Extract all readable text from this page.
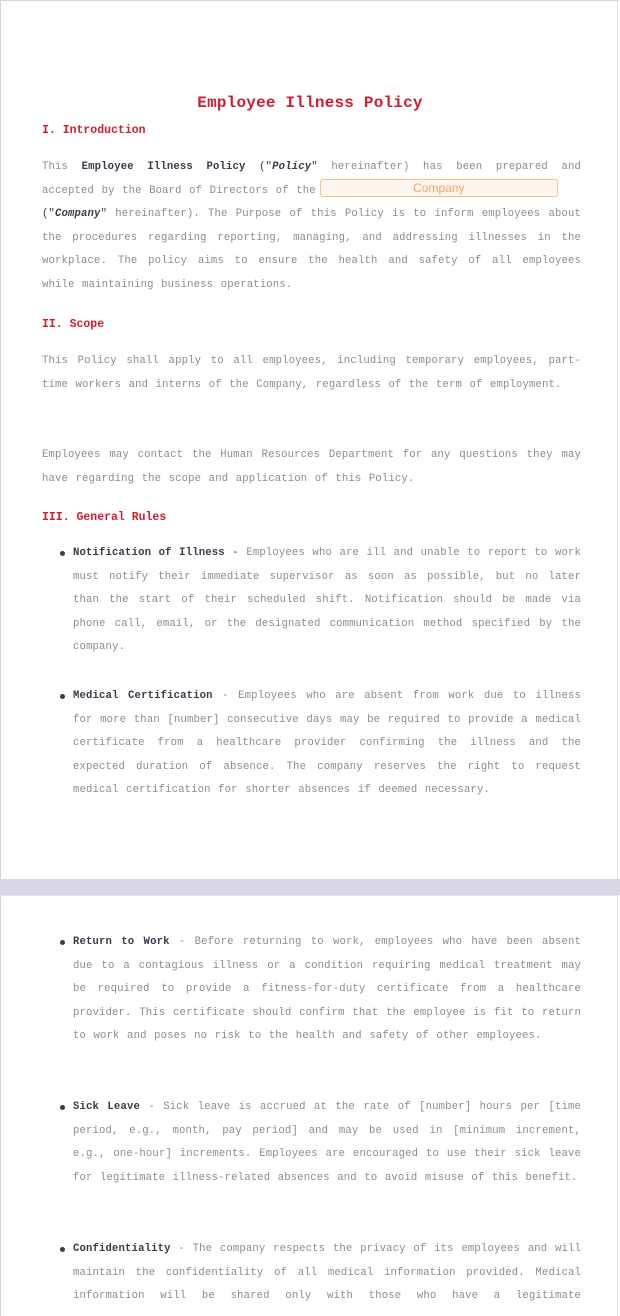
Employee Illness Policy
I. Introduction

This Employee Illness Policy ("Policy" hereinafter) has been prepared and accepted by the Board of Directors of theCompany

("Company" hereinafter). The Purpose of this Policy is to inform employees about the procedures regarding reporting, managing, and addressing illnesses in the workplace. The policy aims to ensure the health and safety of all employees while maintaining business operations.

II. Scope

This Policy shall apply to all employees, including temporary employees, part-time workers and interns of the Company, regardless of the term of employment.

Employees may contact the Human Resources Department for any questions they may have regarding the scope and application of this Policy.

III. General Rules

Notification of Illness - Employees who are ill and unable to report to work must notify their immediate supervisor as soon as possible, but no later than the start of their scheduled shift. Notification should be made via phone call, email, or the designated communication method specified by the company.

Medical Certification - Employees who are absent from work due to illness for more than [number] consecutive days may be required to provide a medical certificate from a healthcare provider confirming the illness and the expected duration of absence. The company reserves the right to request medical certification for shorter absences if deemed necessary.

Return to Work - Before returning to work, employees who have been absent due to a contagious illness or a condition requiring medical treatment may be required to provide a fitness-for-duty certificate from a healthcare provider. This certificate should confirm that the employee is fit to return to work and poses no risk to the health and safety of other employees.

Sick Leave - Sick leave is accrued at the rate of [number] hours per [time period, e.g., month, pay period] and may be used in [minimum increment, e.g., one-hour] increments. Employees are encouraged to use their sick leave for legitimate illness-related absences and to avoid misuse of this benefit.

Confidentiality - The company respects the privacy of its employees and will maintain the confidentiality of all medical information provided. Medical information will be shared only with those who have a legitimate
